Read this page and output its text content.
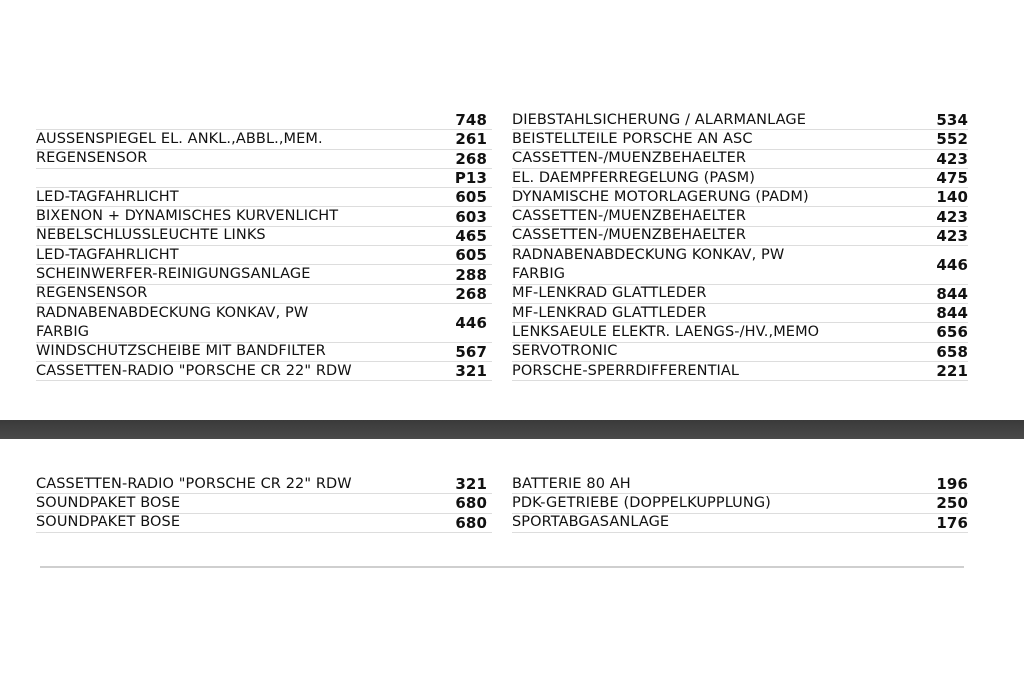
748
AUSSENSPIEGEL EL. ANKL.,ABBL.,MEM.	261
REGENSENSOR	268
P13
LED-TAGFAHRLICHT	605
BIXENON + DYNAMISCHES KURVENLICHT	603
NEBELSCHLUSSLEUCHTE LINKS	465
LED-TAGFAHRLICHT	605
SCHEINWERFER-REINIGUNGSANLAGE	288
REGENSENSOR	268
RADNABENABDECKUNG KONKAV, PW
FARBIG	446
WINDSCHUTZSCHEIBE MIT BANDFILTER	567
CASSETTEN-RADIO "PORSCHE CR 22" RDW	321
DIEBSTAHLSICHERUNG / ALARMANLAGE	534
BEISTELLTEILE PORSCHE AN ASC	552
CASSETTEN-/MUENZBEHAELTER	423
EL. DAEMPFERREGELUNG (PASM)	475
DYNAMISCHE MOTORLAGERUNG (PADM)	140
CASSETTEN-/MUENZBEHAELTER	423
CASSETTEN-/MUENZBEHAELTER	423
RADNABENABDECKUNG KONKAV, PW
FARBIG	446
MF-LENKRAD GLATTLEDER	844
MF-LENKRAD GLATTLEDER	844
LENKSAEULE ELEKTR. LAENGS-/HV.,MEMO	656
SERVOTRONIC	658
PORSCHE-SPERRDIFFERENTIAL	221
CASSETTEN-RADIO "PORSCHE CR 22" RDW	321
SOUNDPAKET BOSE	680
SOUNDPAKET BOSE	680
BATTERIE 80 AH	196
PDK-GETRIEBE (DOPPELKUPPLUNG)	250
SPORTABGASANLAGE	176
